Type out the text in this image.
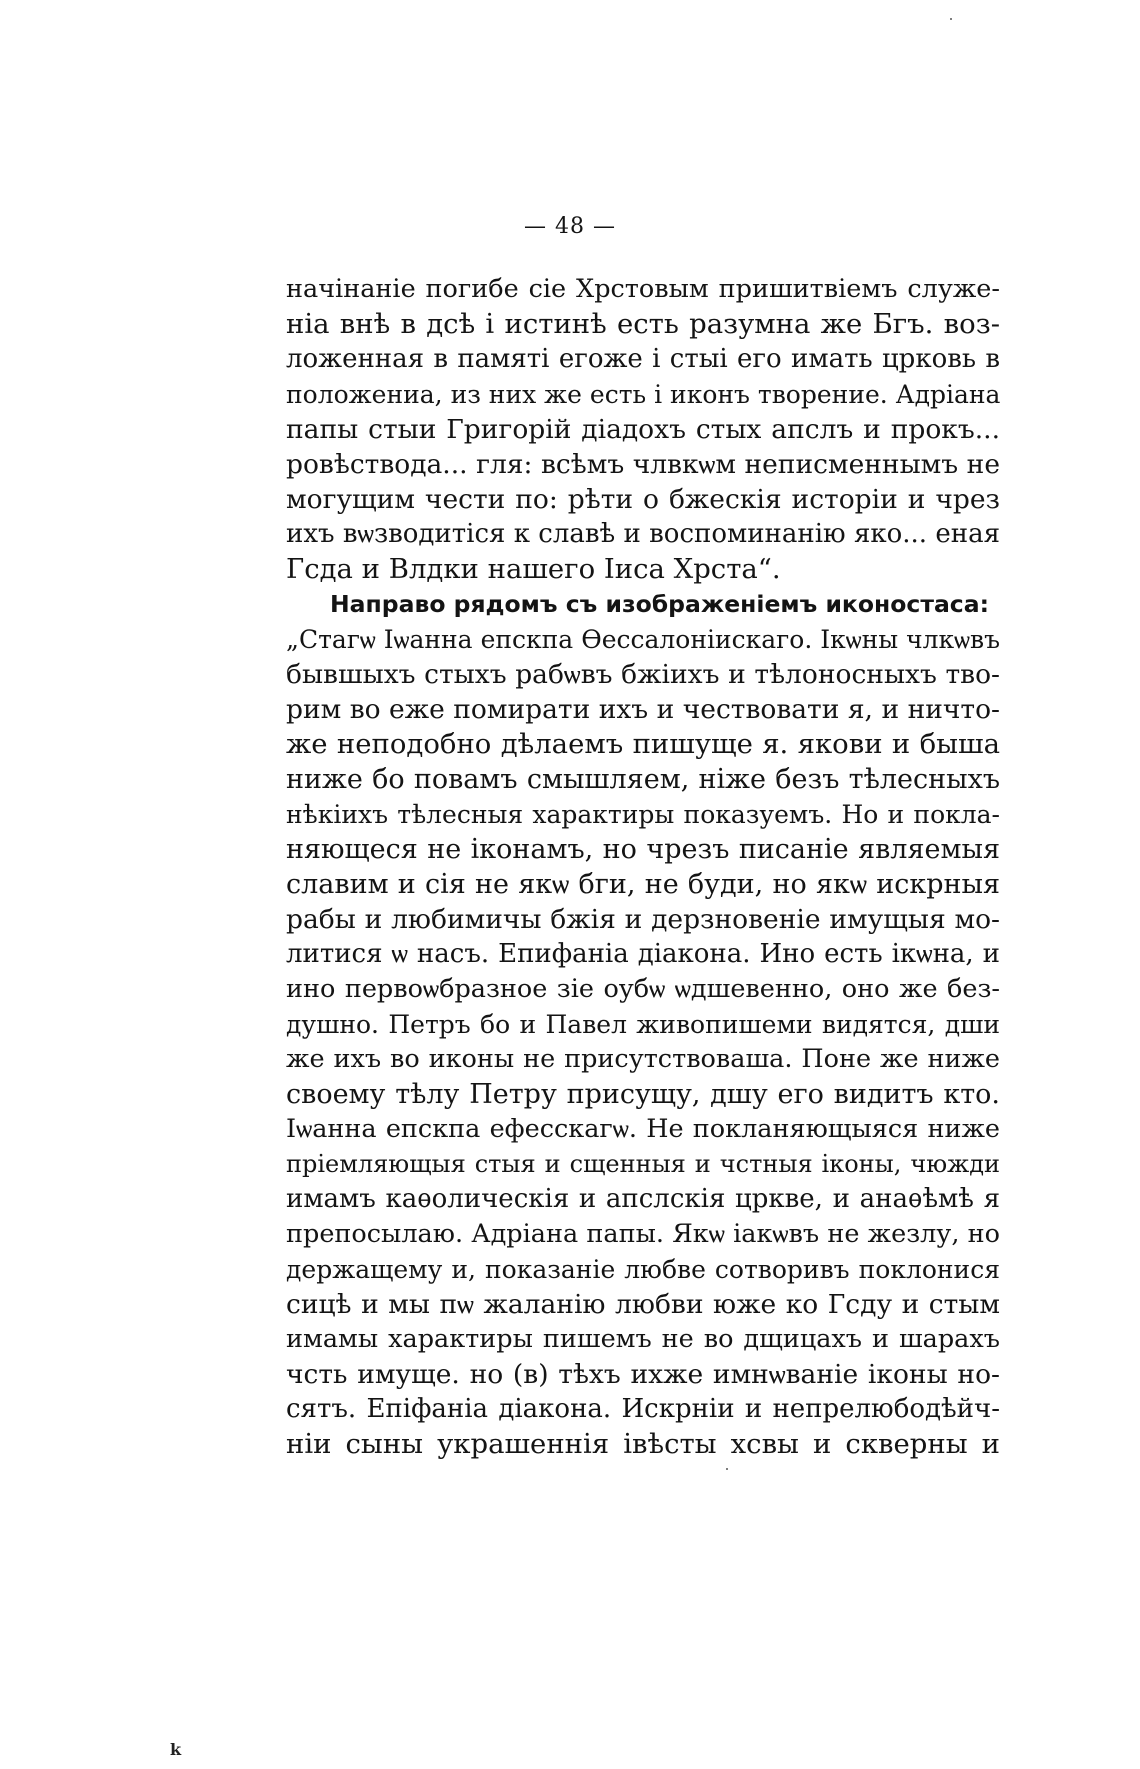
— 48 —
начінаніе погибе сіе Хрстовым пришитвіемъ служе-
ніа внѣ в дсѣ і истинѣ есть разумна же Бгъ. воз-
ложенная в памяті егоже і стыі его имать црковь в
положениа, из них же есть і иконъ творение. Адріана
папы стыи Григорій діадохъ стых апслъ и прокъ...
ровѣствода... гля: всѣмъ члвкѡм неписменнымъ не
могущим чести по: рѣти о бжескія исторіи и чрез
ихъ вѡзводитіся к славѣ и воспоминанію яко... еная
Гсда и Влдки нашего Іиса Хрста“.
Направо рядомъ съ изображеніемъ иконостаса:
„Стагѡ Іѡанна епскпа Ѳессалоніискаго. Ікѡны члкѡвъ
бывшыхъ стыхъ рабѡвъ бжіихъ и тѣлоносныхъ тво-
рим во еже помирати ихъ и чествовати я, и ничто-
же неподобно дѣлаемъ пишуще я. якови и быша
ниже бо повамъ смышляем, ніже безъ тѣлесныхъ
нѣкіихъ тѣлесныя характиры показуемъ. Но и покла-
няющеся не іконамъ, но чрезъ писаніе являемыя
славим и сія не якѡ бги, не буди, но якѡ искрныя
рабы и любимичы бжія и дерзновеніе имущыя мо-
литися ѡ насъ. Епифаніа діакона. Ино есть ікѡна, и
ино первоѡбразное зіе оубѡ ѡдшевенно, оно же без-
душно. Петръ бо и Павел живопишеми видятся, дши
же ихъ во иконы не присутствоваша. Поне же ниже
своему тѣлу Петру присущу, дшу его видитъ кто.
Іѡанна епскпа ефесскагѡ. Не покланяющыяся ниже
пріемляющыя стыя и сщенныя и чстныя іконы, чюжди
имамъ каѳолическія и апслскія црквe, и анаѳѣмѣ я
препосылаю. Адріана папы. Якѡ іакѡвъ не жезлу, но
держащему и, показаніе любве сотворивъ поклонися
сицѣ и мы пѡ жаланію любви юже ко Гсду и стым
имамы характиры пишемъ не во дщицахъ и шарахъ
чсть имуще. но (в) тѣхъ ихже имнѡваніе іконы но-
сятъ. Епіфаніа діакона. Искрніи и непрелюбодѣйч-
ніи сыны украшеннія івѣсты хсвы и скверны и
k
